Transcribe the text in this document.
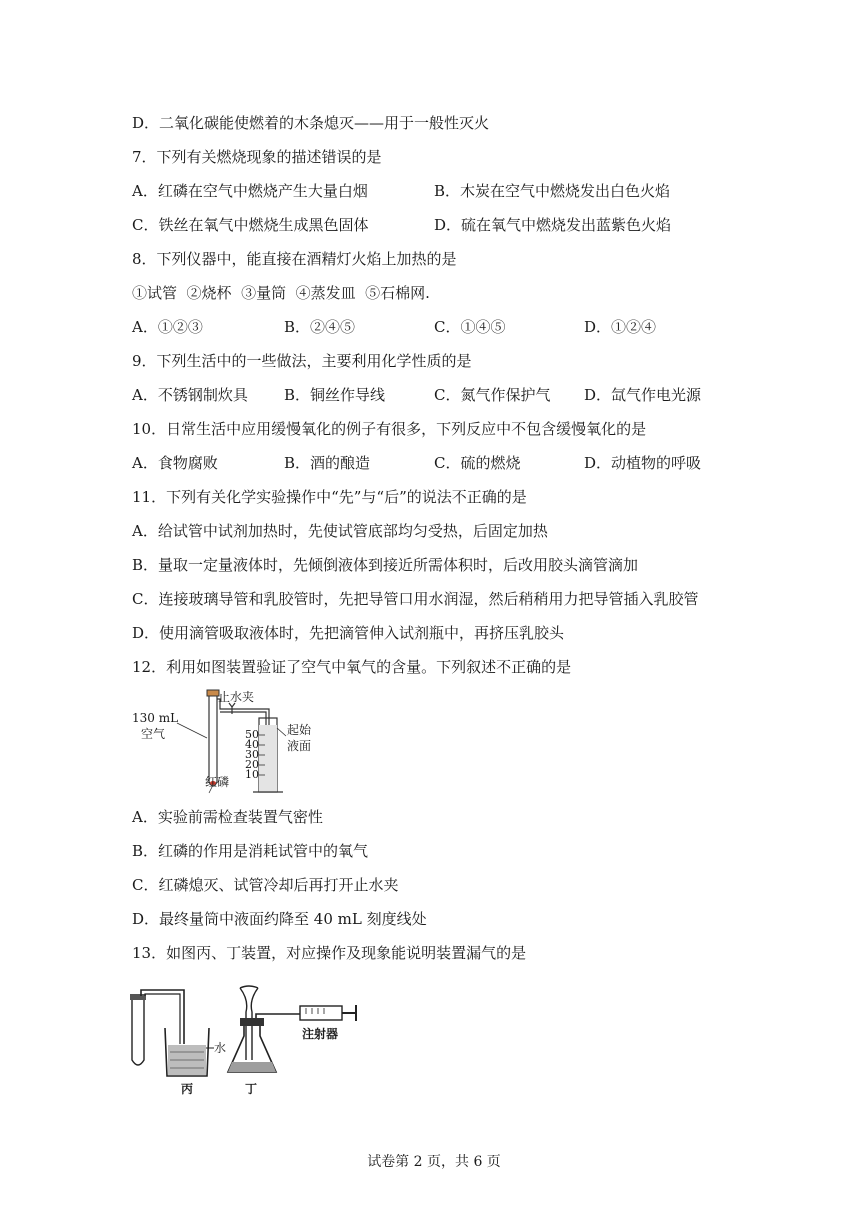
D．二氧化碳能使燃着的木条熄灭——用于一般性灭火
7．下列有关燃烧现象的描述错误的是
A．红磷在空气中燃烧产生大量白烟	B．木炭在空气中燃烧发出白色火焰
C．铁丝在氧气中燃烧生成黑色固体	D．硫在氧气中燃烧发出蓝紫色火焰
8．下列仪器中，能直接在酒精灯火焰上加热的是
①试管  ②烧杯  ③量筒  ④蒸发皿  ⑤石棉网.
A．①②③	B．②④⑤	C．①④⑤	D．①②④
9．下列生活中的一些做法，主要利用化学性质的是
A．不锈钢制炊具 B．铜丝作导线	C．氮气作保护气 D．氙气作电光源
10．日常生活中应用缓慢氧化的例子有很多，下列反应中不包含缓慢氧化的是
A．食物腐败	B．酒的酿造	C．硫的燃烧	D．动植物的呼吸
11．下列有关化学实验操作中“先”与“后”的说法不正确的是
A．给试管中试剂加热时，先使试管底部均匀受热，后固定加热
B．量取一定量液体时，先倾倒液体到接近所需体积时，后改用胶头滴管滴加
C．连接玻璃导管和乳胶管时，先把导管口用水润湿，然后稍稍用力把导管插入乳胶管
D．使用滴管吸取液体时，先把滴管伸入试剂瓶中，再挤压乳胶头
12．利用如图装置验证了空气中氧气的含量。下列叙述不正确的是
130 mL
空气
止水夹
红磷
起始
液面
50
40
30
20
10
A．实验前需检查装置气密性
B．红磷的作用是消耗试管中的氧气
C．红磷熄灭、试管冷却后再打开止水夹
D．最终量筒中液面约降至 40 mL 刻度线处
13．如图丙、丁装置，对应操作及现象能说明装置漏气的是
水
丙	丁
注射器
试卷第 2 页，共 6 页
